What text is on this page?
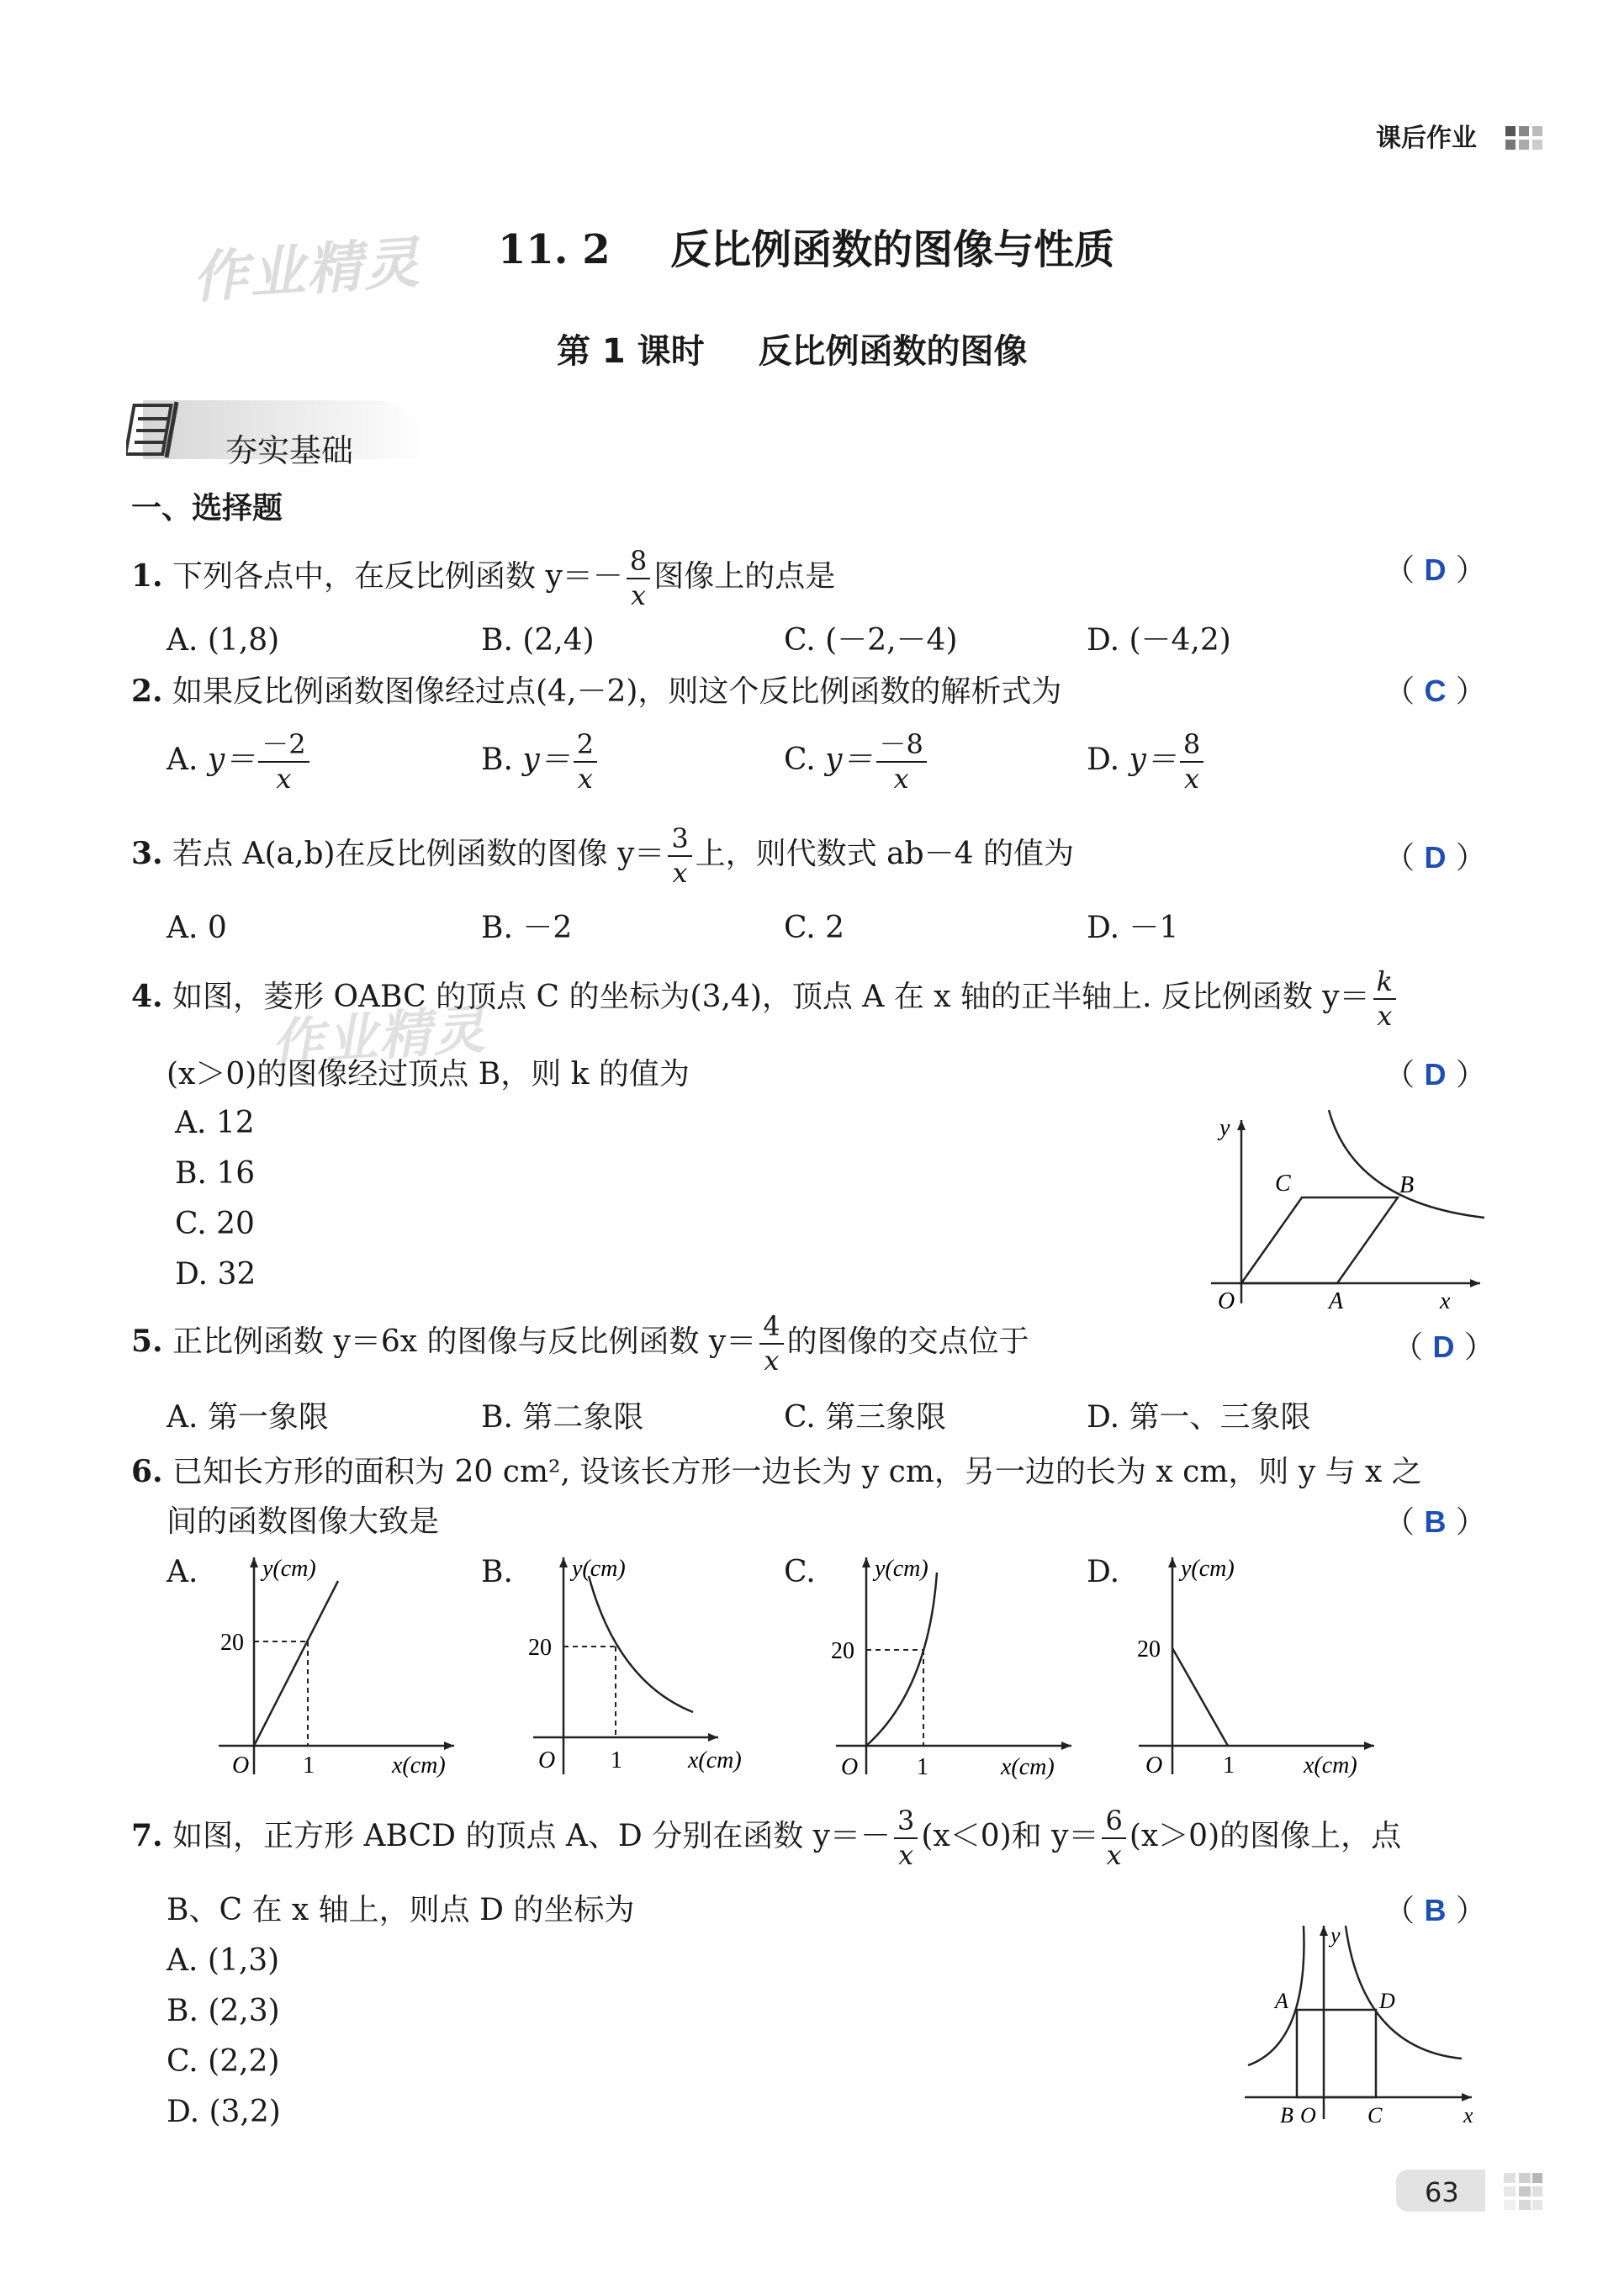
课后作业
作业精灵
作业精灵
11. 2 反比例函数的图像与性质
第 1 课时 反比例函数的图像
夯实基础
一、选择题
1. 下列各点中，在反比例函数 $y=- \frac{8}{x}$ 图像上的点是	（ D ）
A. (1,8)	B. (2,4)	C. (－2,－4)	D. (－4,2)
2. 如果反比例函数图像经过点(4,－2)，则这个反比例函数的解析式为	（ C ）
A. $y= \frac{-2}{x}$	B. $y= \frac{2}{x}$	C. $y= \frac{-8}{x}$	D. $y= \frac{8}{x}$
3. 若点 A(a,b)在反比例函数的图像 $y= \frac{3}{x}$ 上，则代数式 ab－4 的值为	（ D ）
A. 0	B. －2	C. 2	D. －1
4. 如图，菱形 OABC 的顶点 C 的坐标为(3,4)，顶点 A 在 x 轴的正半轴上. 反比例函数 $y= \frac{k}{x}$
(x＞0)的图像经过顶点 B，则 k 的值为	（ D ）
A. 12
B. 16
C. 20
D. 32
y
O	A
C	B
x
5. 正比例函数 y＝6x 的图像与反比例函数 $y= \frac{4}{x}$ 的图像的交点位于	（ D ）
A. 第一象限	B. 第二象限	C. 第三象限	D. 第一、三象限
6. 已知长方形的面积为 20 cm², 设该长方形一边长为 y cm，另一边的长为 x cm，则 y 与 x 之
间的函数图像大致是	（ B ）
A.	B.	C.	D.
y(cm)
20
O 1	x(cm)
y(cm)
20
O 1	x(cm)
y(cm)
20
O 1	x(cm)
y(cm)
20
O	1	x(cm)
7. 如图，正方形 ABCD 的顶点 A、D 分别在函数 $y=- \frac{3}{x} (x<0)$和 $y= \frac{6}{x} (x>0)$的图像上，点
B、C 在 x 轴上，则点 D 的坐标为	（ B ）
A. (1,3)
B. (2,3)
C. (2,2)
D. (3,2)
y
A	D
B O C	x
63
